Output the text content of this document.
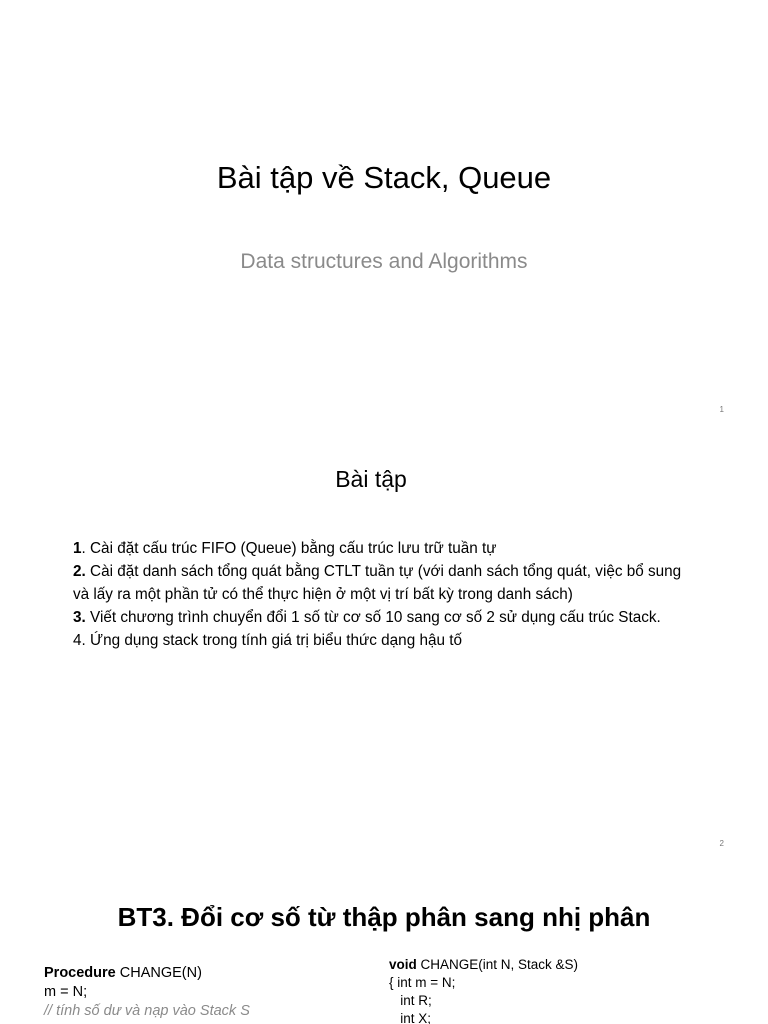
Bài tập về Stack, Queue
Data structures and Algorithms
1
Bài tập

1. Cài đặt cấu trúc FIFO (Queue) bằng cấu trúc lưu trữ tuần tự

2. Cài đặt danh sách tổng quát bằng CTLT tuần tự (với danh sách tổng quát, việc bổ sung và lấy ra một phần tử có thể thực hiện ở một vị trí bất kỳ trong danh sách)

3. Viết chương trình chuyển đổi 1 số từ cơ số 10 sang cơ số 2 sử dụng cấu trúc Stack.

4. Ứng dụng stack trong tính giá trị biểu thức dạng hậu tố

2
BT3. Đổi cơ số từ thập phân sang nhị phân
Procedure CHANGE(N)
m = N;
// tính số dư và nạp vào Stack S
void CHANGE(int N, Stack &S)
{ int m = N;
int R;
int X;
